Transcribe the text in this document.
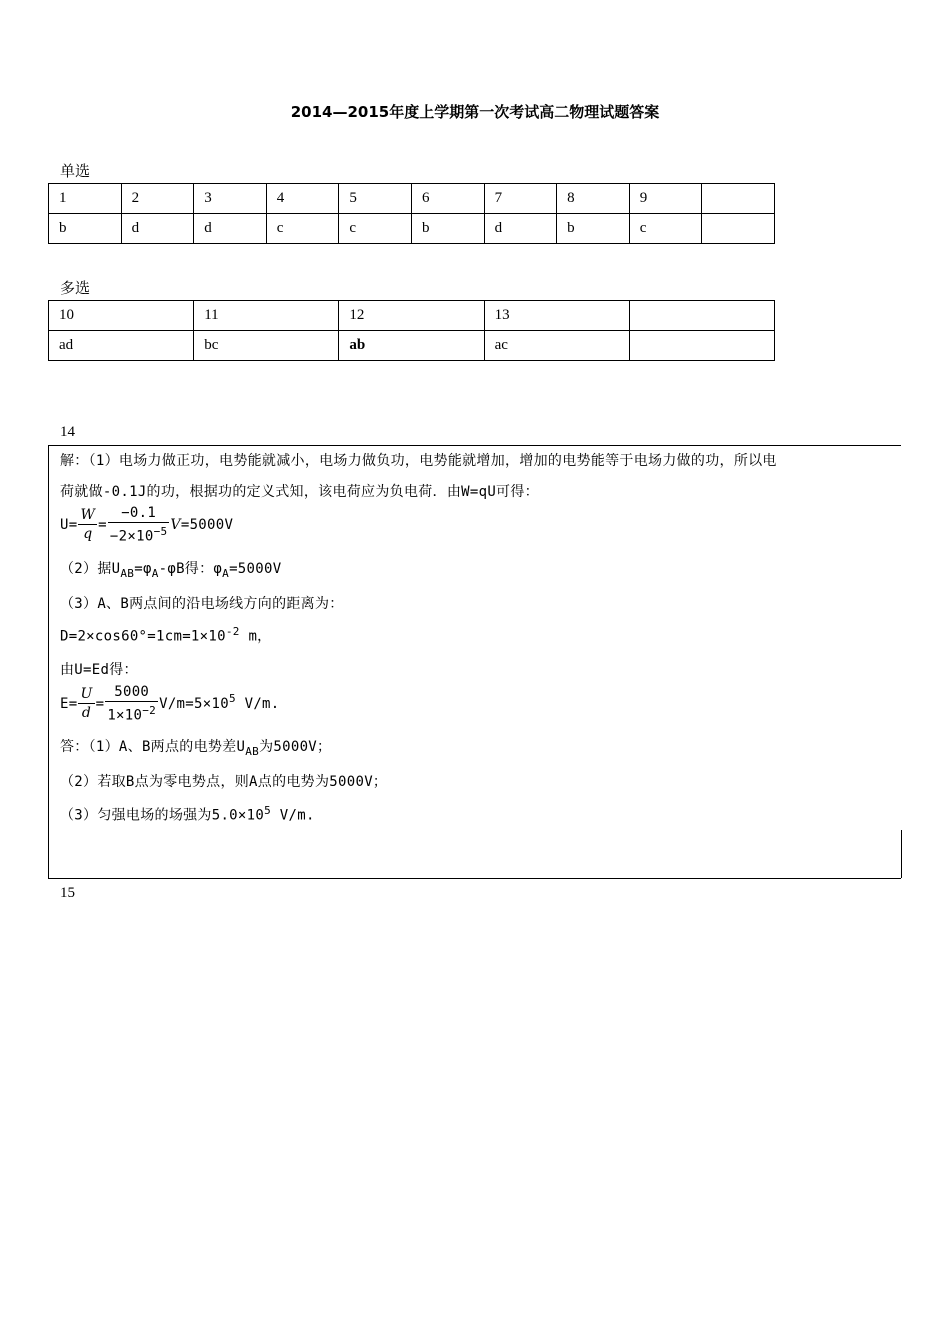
2014—2015年度上学期第一次考试高二物理试题答案
单选
1	2	3	4	5	6	7	8	9	
b	d	d	c	c	b	d	b	c	
多选
10	11	12	13	
ad	bc	ab	ac	
14
解：（1）电场力做正功，电势能就减小，电场力做负功，电势能就增加，增加的电势能等于电场力做的功，所以电
荷就做-0.1J的功，根据功的定义式知，该电荷应为负电荷．由W=qU可得：
$U= \frac{W}{q} = \frac{-0.1}{-2\times 10^{-5}} V=5000V$
（2）据$U_{AB}=\varphi_A-\varphi B$得：$\varphi_A=5000V$
（3）A、B两点间的沿电场线方向的距离为：
$D=2\times\cos 60^\circ=1cm=1\times 10^{-2}$ m，
由U=Ed得：
$E= \frac{U}{d} = \frac{5000}{1\times 10^{-2}} V/m=5\times 10^5$ V/m.
答：（1）A、B两点的电势差$U_{AB}$为5000V；
（2）若取B点为零电势点，则A点的电势为5000V；
（3）匀强电场的场强为$5.0\times 10^5$ V/m.
15
